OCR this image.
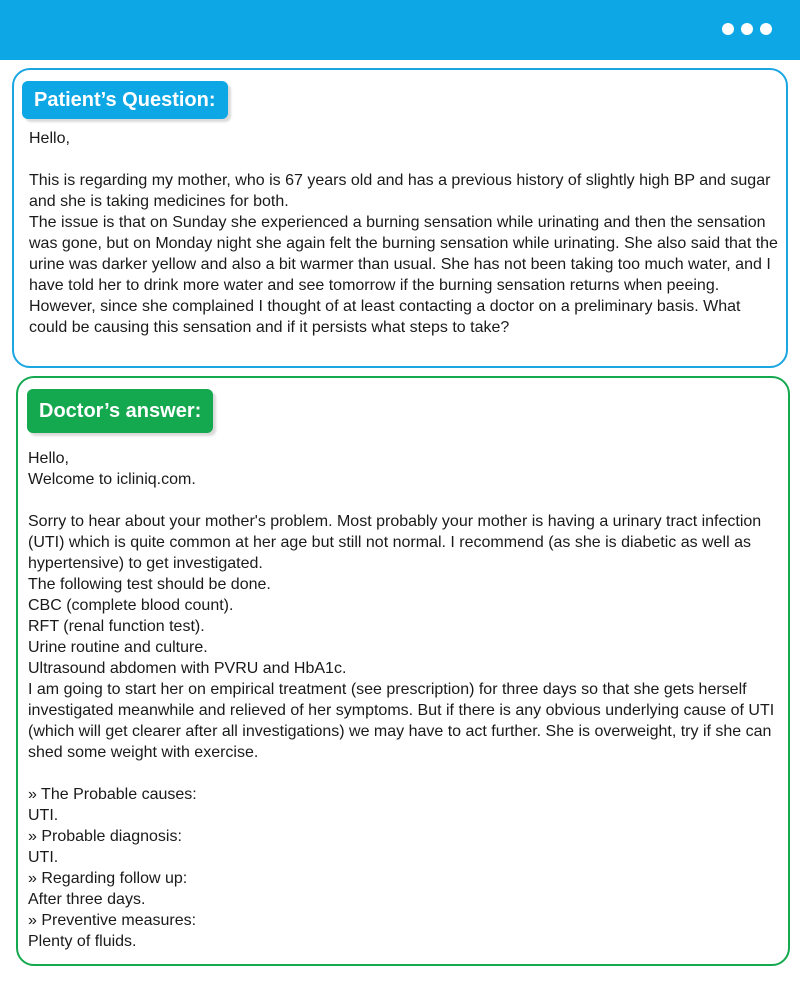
Patient’s Question:
Hello,

This is regarding my mother, who is 67 years old and has a previous history of slightly high BP and sugar and she is taking medicines for both.
The issue is that on Sunday she experienced a burning sensation while urinating and then the sensation was gone, but on Monday night she again felt the burning sensation while urinating. She also said that the urine was darker yellow and also a bit warmer than usual. She has not been taking too much water, and I have told her to drink more water and see tomorrow if the burning sensation returns when peeing. However, since she complained I thought of at least contacting a doctor on a preliminary basis. What could be causing this sensation and if it persists what steps to take?
Doctor’s answer:
Hello,
Welcome to icliniq.com.

Sorry to hear about your mother's problem. Most probably your mother is having a urinary tract infection (UTI) which is quite common at her age but still not normal. I recommend (as she is diabetic as well as hypertensive) to get investigated.
The following test should be done.
CBC (complete blood count).
RFT (renal function test).
Urine routine and culture.
Ultrasound abdomen with PVRU and HbA1c.
I am going to start her on empirical treatment (see prescription) for three days so that she gets herself investigated meanwhile and relieved of her symptoms. But if there is any obvious underlying cause of UTI (which will get clearer after all investigations) we may have to act further. She is overweight, try if she can shed some weight with exercise.

» The Probable causes:
UTI.
» Probable diagnosis:
UTI.
» Regarding follow up:
After three days.
» Preventive measures:
Plenty of fluids.
